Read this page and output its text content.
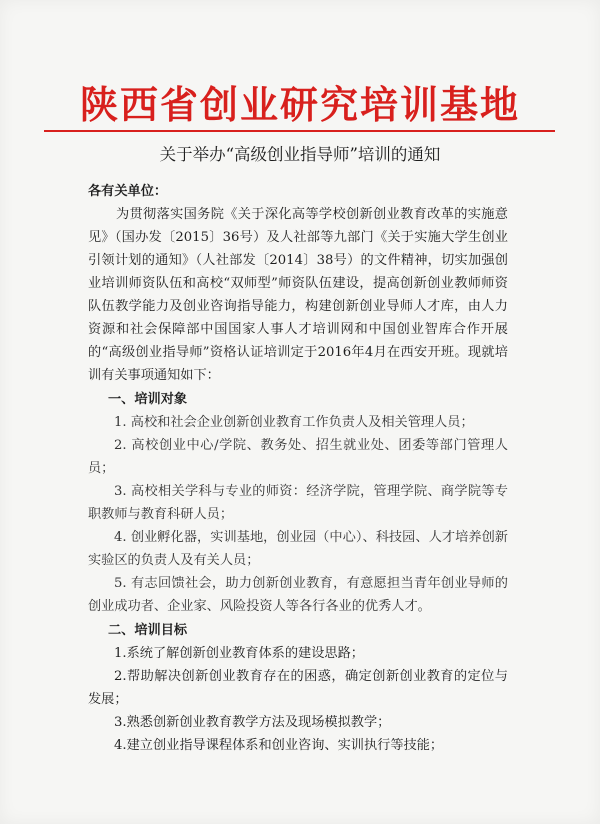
陕西省创业研究培训基地
关于举办“高级创业指导师”培训的通知

各有关单位：

为贯彻落实国务院《关于深化高等学校创新创业教育改革的实施意见》（国办发〔2015〕36号）及人社部等九部门《关于实施大学生创业引领计划的通知》（人社部发〔2014〕38号）的文件精神，切实加强创业培训师资队伍和高校“双师型”师资队伍建设，提高创新创业教师师资队伍教学能力及创业咨询指导能力，构建创新创业导师人才库，由人力资源和社会保障部中国国家人事人才培训网和中国创业智库合作开展的“高级创业指导师”资格认证培训定于2016年4月在西安开班。现就培训有关事项通知如下：

一、培训对象

1. 高校和社会企业创新创业教育工作负责人及相关管理人员；

2. 高校创业中心/学院、教务处、招生就业处、团委等部门管理人员；

3. 高校相关学科与专业的师资：经济学院，管理学院、商学院等专职教师与教育科研人员；

4. 创业孵化器，实训基地，创业园（中心）、科技园、人才培养创新实验区的负责人及有关人员；

5. 有志回馈社会，助力创新创业教育，有意愿担当青年创业导师的创业成功者、企业家、风险投资人等各行各业的优秀人才。

二、培训目标

1.系统了解创新创业教育体系的建设思路；

2.帮助解决创新创业教育存在的困惑，确定创新创业教育的定位与发展；

3.熟悉创新创业教育教学方法及现场模拟教学；

4.建立创业指导课程体系和创业咨询、实训执行等技能；
